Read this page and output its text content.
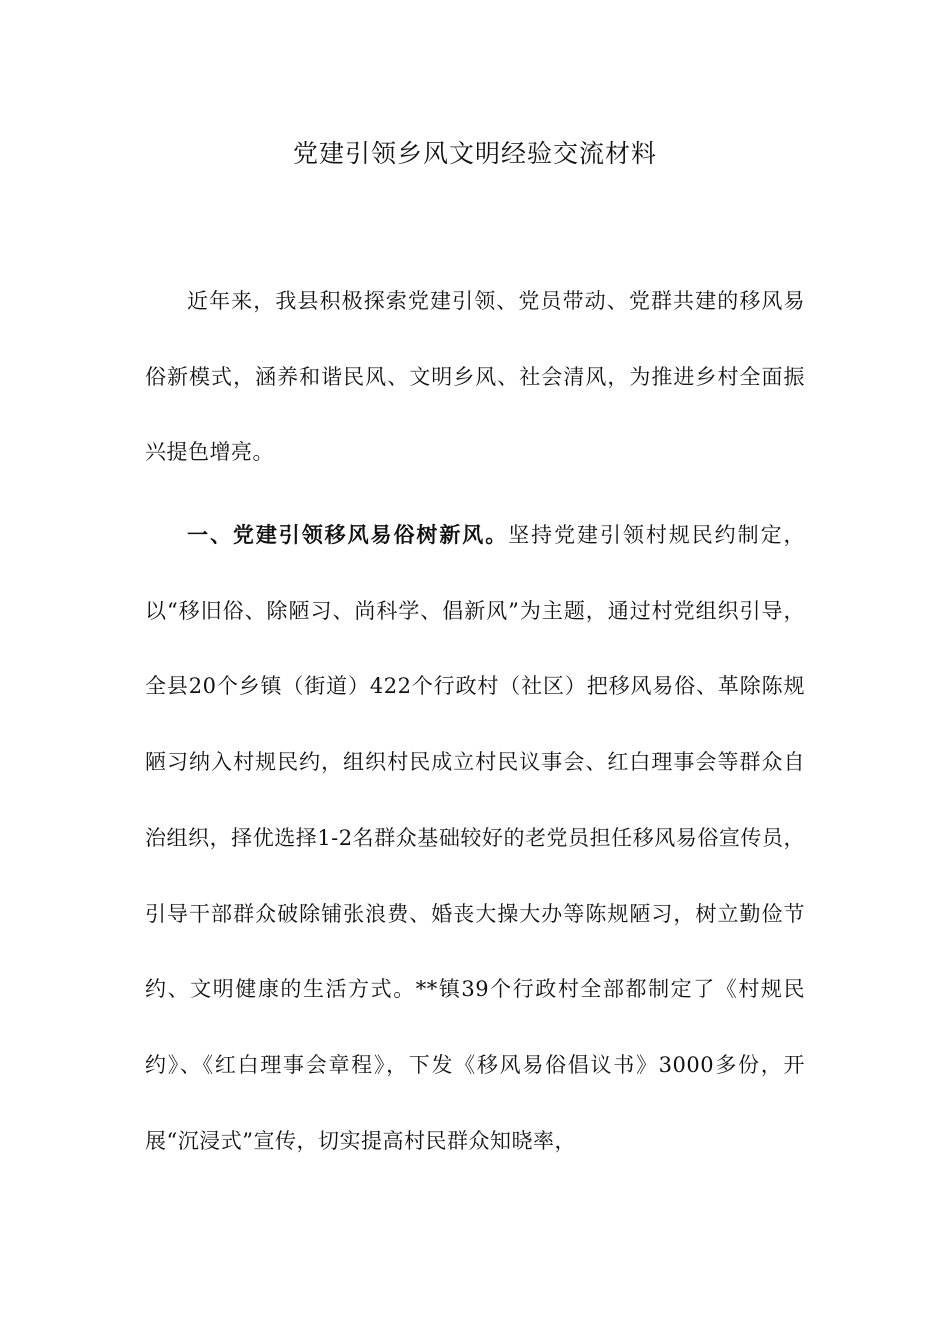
党建引领乡风文明经验交流材料

近年来，我县积极探索党建引领、党员带动、党群共建的移风易俗新模式，涵养和谐民风、文明乡风、社会清风，为推进乡村全面振兴提色增亮。

一、党建引领移风易俗树新风。坚持党建引领村规民约制定，以“移旧俗、除陋习、尚科学、倡新风”为主题，通过村党组织引导，全县20个乡镇（街道）422个行政村（社区）把移风易俗、革除陈规陋习纳入村规民约，组织村民成立村民议事会、红白理事会等群众自治组织，择优选择1-2名群众基础较好的老党员担任移风易俗宣传员，引导干部群众破除铺张浪费、婚丧大操大办等陈规陋习，树立勤俭节约、文明健康的生活方式。**镇39个行政村全部都制定了《村规民约》、《红白理事会章程》，下发《移风易俗倡议书》3000多份，开展“沉浸式”宣传，切实提高村民群众知晓率，
